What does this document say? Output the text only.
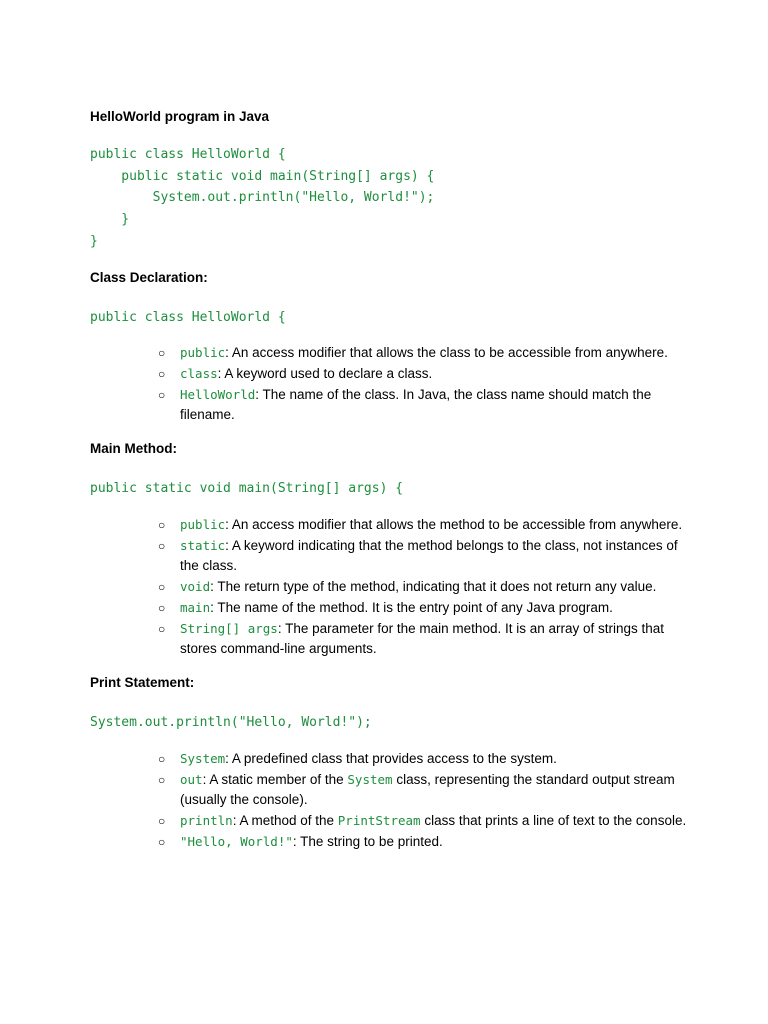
HelloWorld program in Java

public class HelloWorld {
public static void main(String[] args) {
System.out.println("Hello, World!");
}
}

Class Declaration:

public class HelloWorld {
○ public: An access modifier that allows the class to be accessible from anywhere.
○ class: A keyword used to declare a class.
○ HelloWorld: The name of the class. In Java, the class name should match the filename.

Main Method:

public static void main(String[] args) {
○ public: An access modifier that allows the method to be accessible from anywhere.
○ static: A keyword indicating that the method belongs to the class, not instances of the class.
○ void: The return type of the method, indicating that it does not return any value.
○ main: The name of the method. It is the entry point of any Java program.
○ String[] args: The parameter for the main method. It is an array of strings that stores command-line arguments.

Print Statement:

System.out.println("Hello, World!");
○ System: A predefined class that provides access to the system.
○ out: A static member of the System class, representing the standard output stream (usually the console).
○ println: A method of the PrintStream class that prints a line of text to the console.
○ "Hello, World!": The string to be printed.
